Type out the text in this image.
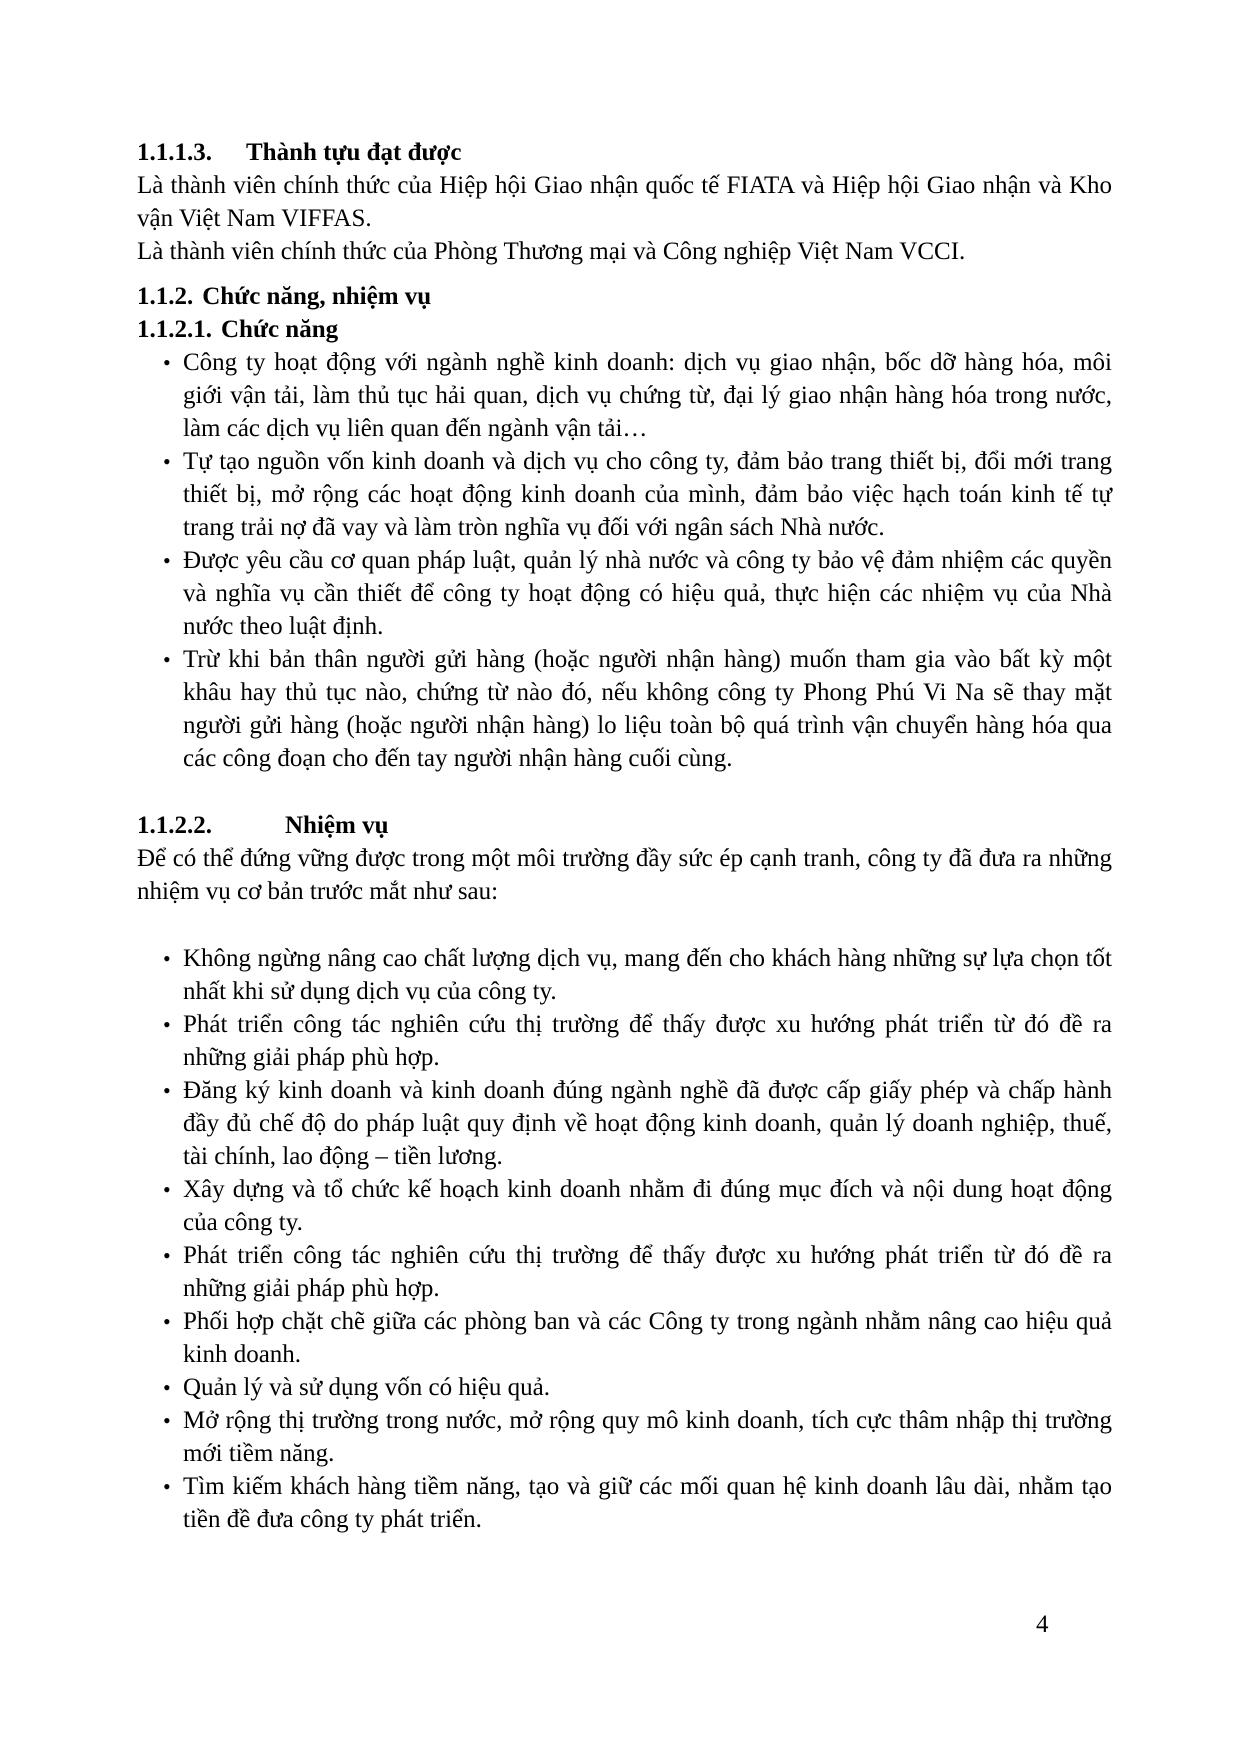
1.1.1.3. Thành tựu đạt được

Là thành viên chính thức của Hiệp hội Giao nhận quốc tế FIATA và Hiệp hội Giao nhận và Kho vận Việt Nam VIFFAS.

Là thành viên chính thức của Phòng Thương mại và Công nghiệp Việt Nam VCCI.

1.1.2. Chức năng, nhiệm vụ
1.1.2.1. Chức năng
• Công ty hoạt động với ngành nghề kinh doanh: dịch vụ giao nhận, bốc dỡ hàng hóa, môi giới vận tải, làm thủ tục hải quan, dịch vụ chứng từ, đại lý giao nhận hàng hóa trong nước, làm các dịch vụ liên quan đến ngành vận tải…
• Tự tạo nguồn vốn kinh doanh và dịch vụ cho công ty, đảm bảo trang thiết bị, đổi mới trang thiết bị, mở rộng các hoạt động kinh doanh của mình, đảm bảo việc hạch toán kinh tế tự trang trải nợ đã vay và làm tròn nghĩa vụ đối với ngân sách Nhà nước.
• Được yêu cầu cơ quan pháp luật, quản lý nhà nước và công ty bảo vệ đảm nhiệm các quyền và nghĩa vụ cần thiết để công ty hoạt động có hiệu quả, thực hiện các nhiệm vụ của Nhà nước theo luật định.
• Trừ khi bản thân người gửi hàng (hoặc người nhận hàng) muốn tham gia vào bất kỳ một khâu hay thủ tục nào, chứng từ nào đó, nếu không công ty Phong Phú Vi Na sẽ thay mặt người gửi hàng (hoặc người nhận hàng) lo liệu toàn bộ quá trình vận chuyển hàng hóa qua các công đoạn cho đến tay người nhận hàng cuối cùng.
1.1.2.2.	Nhiệm vụ

Để có thể đứng vững được trong một môi trường đầy sức ép cạnh tranh, công ty đã đưa ra những nhiệm vụ cơ bản trước mắt như sau:

• Không ngừng nâng cao chất lượng dịch vụ, mang đến cho khách hàng những sự lựa chọn tốt nhất khi sử dụng dịch vụ của công ty.
• Phát triển công tác nghiên cứu thị trường để thấy được xu hướng phát triển từ đó đề ra những giải pháp phù hợp.
• Đăng ký kinh doanh và kinh doanh đúng ngành nghề đã được cấp giấy phép và chấp hành đầy đủ chế độ do pháp luật quy định về hoạt động kinh doanh, quản lý doanh nghiệp, thuế, tài chính, lao động – tiền lương.
• Xây dựng và tổ chức kế hoạch kinh doanh nhằm đi đúng mục đích và nội dung hoạt động của công ty.
• Phát triển công tác nghiên cứu thị trường để thấy được xu hướng phát triển từ đó đề ra những giải pháp phù hợp.
• Phối hợp chặt chẽ giữa các phòng ban và các Công ty trong ngành nhằm nâng cao hiệu quả kinh doanh.
• Quản lý và sử dụng vốn có hiệu quả.
• Mở rộng thị trường trong nước, mở rộng quy mô kinh doanh, tích cực thâm nhập thị trường mới tiềm năng.
• Tìm kiếm khách hàng tiềm năng, tạo và giữ các mối quan hệ kinh doanh lâu dài, nhằm tạo tiền đề đưa công ty phát triển.
4
